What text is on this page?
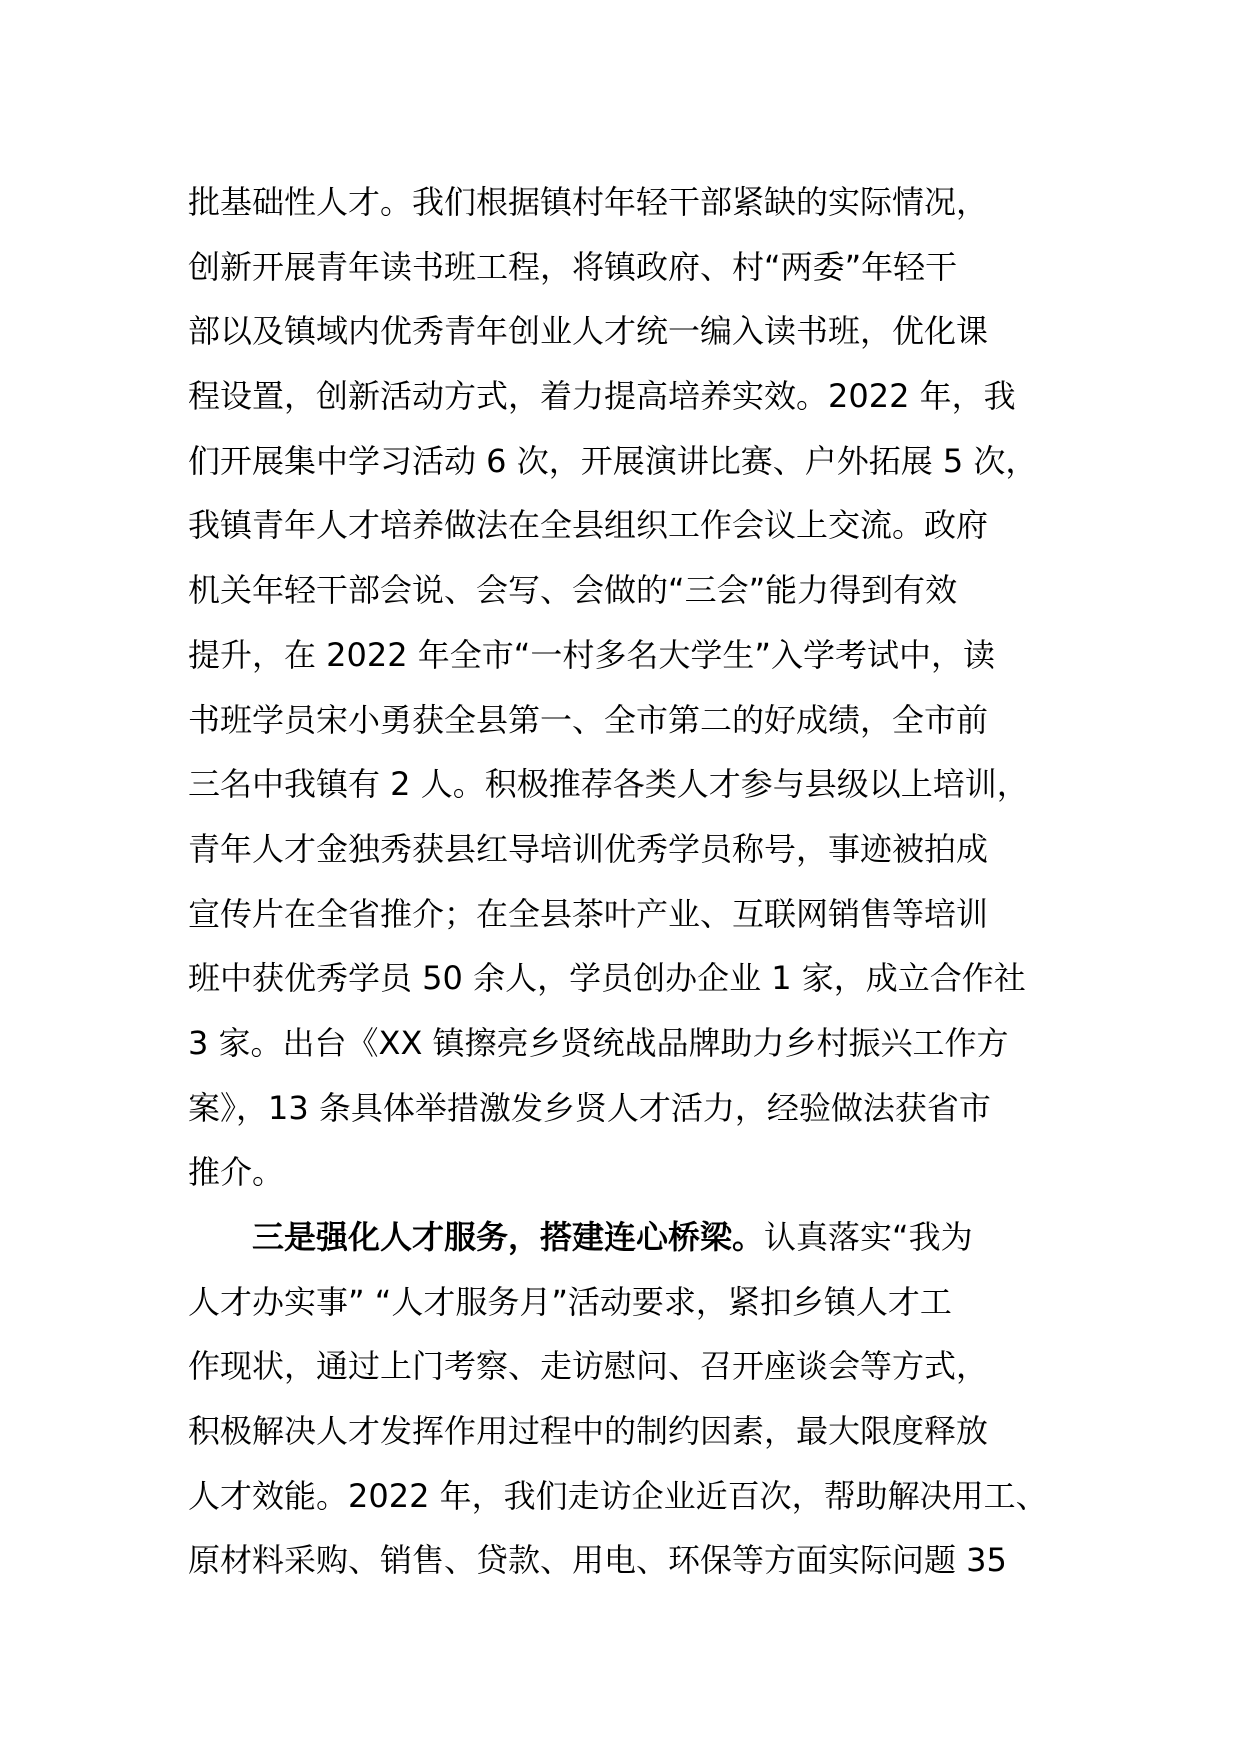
批基础性人才。我们根据镇村年轻干部紧缺的实际情况，
创新开展青年读书班工程，将镇政府、村“两委”年轻干
部以及镇域内优秀青年创业人才统一编入读书班，优化课
程设置，创新活动方式，着力提高培养实效。2022 年，我
们开展集中学习活动 6 次，开展演讲比赛、户外拓展 5 次，
我镇青年人才培养做法在全县组织工作会议上交流。政府
机关年轻干部会说、会写、会做的“三会”能力得到有效
提升，在 2022 年全市“一村多名大学生”入学考试中，读
书班学员宋小勇获全县第一、全市第二的好成绩，全市前
三名中我镇有 2 人。积极推荐各类人才参与县级以上培训，
青年人才金独秀获县红导培训优秀学员称号，事迹被拍成
宣传片在全省推介；在全县茶叶产业、互联网销售等培训
班中获优秀学员 50 余人，学员创办企业 1 家，成立合作社
3 家。出台《XX 镇擦亮乡贤统战品牌助力乡村振兴工作方
案》，13 条具体举措激发乡贤人才活力，经验做法获省市
推介。
三是强化人才服务，搭建连心桥梁。认真落实“我为
人才办实事” “人才服务月”活动要求，紧扣乡镇人才工
作现状，通过上门考察、走访慰问、召开座谈会等方式，
积极解决人才发挥作用过程中的制约因素，最大限度释放
人才效能。2022 年，我们走访企业近百次，帮助解决用工、
原材料采购、销售、贷款、用电、环保等方面实际问题 35
